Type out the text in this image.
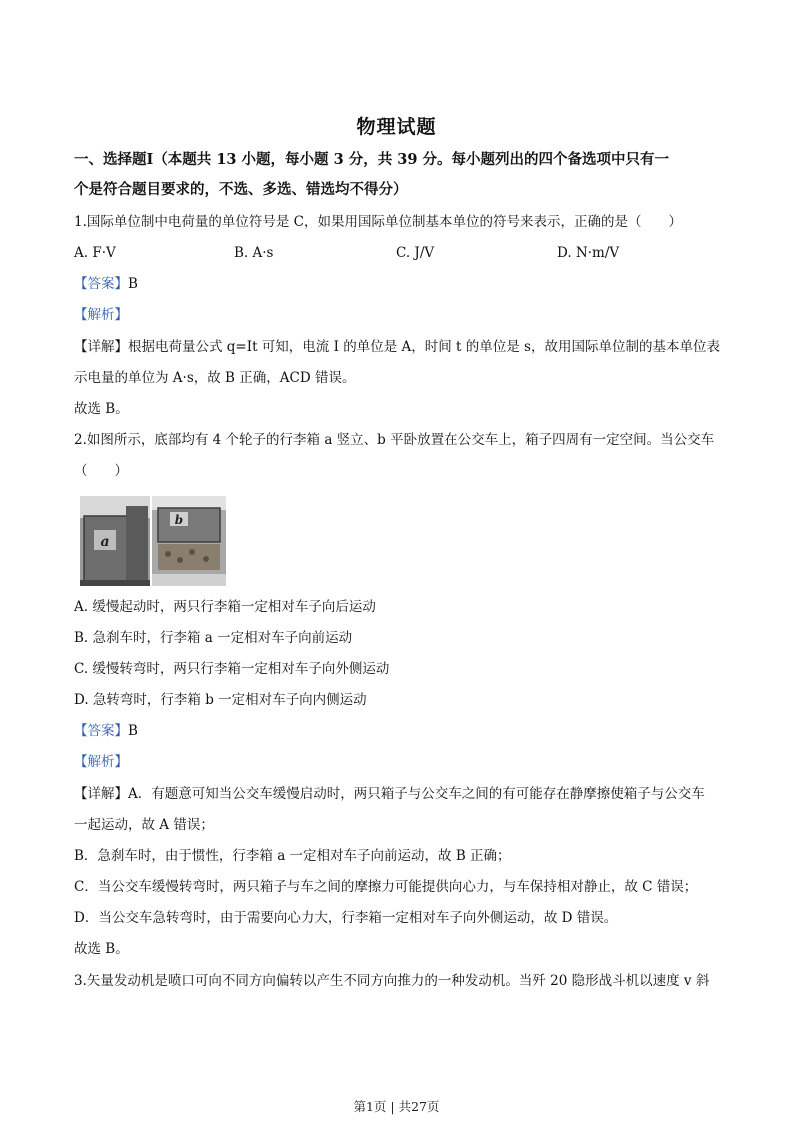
物理试题
一、选择题Ⅰ（本题共 13 小题，每小题 3 分，共 39 分。每小题列出的四个备选项中只有一
个是符合题目要求的，不选、多选、错选均不得分）
1.国际单位制中电荷量的单位符号是 C，如果用国际单位制基本单位的符号来表示，正确的是（　　）
A. F·V	B. A·s	C. J/V	D. N·m/V
【答案】B
【解析】
【详解】根据电荷量公式 q=It 可知，电流 I 的单位是 A，时间 t 的单位是 s，故用国际单位制的基本单位表
示电量的单位为 A·s，故 B 正确，ACD 错误。
故选 B。
2.如图所示，底部均有 4 个轮子的行李箱 a 竖立、b 平卧放置在公交车上，箱子四周有一定空间。当公交车
（　　）
a
b
A. 缓慢起动时，两只行李箱一定相对车子向后运动
B. 急刹车时，行李箱 a 一定相对车子向前运动
C. 缓慢转弯时，两只行李箱一定相对车子向外侧运动
D. 急转弯时，行李箱 b 一定相对车子向内侧运动
【答案】B
【解析】
【详解】A．有题意可知当公交车缓慢启动时，两只箱子与公交车之间的有可能存在静摩擦使箱子与公交车
一起运动，故 A 错误；
B．急刹车时，由于惯性，行李箱 a 一定相对车子向前运动，故 B 正确；
C．当公交车缓慢转弯时，两只箱子与车之间的摩擦力可能提供向心力，与车保持相对静止，故 C 错误；
D．当公交车急转弯时，由于需要向心力大，行李箱一定相对车子向外侧运动，故 D 错误。
故选 B。
3.矢量发动机是喷口可向不同方向偏转以产生不同方向推力的一种发动机。当歼 20 隐形战斗机以速度 v 斜
第1页 | 共27页
